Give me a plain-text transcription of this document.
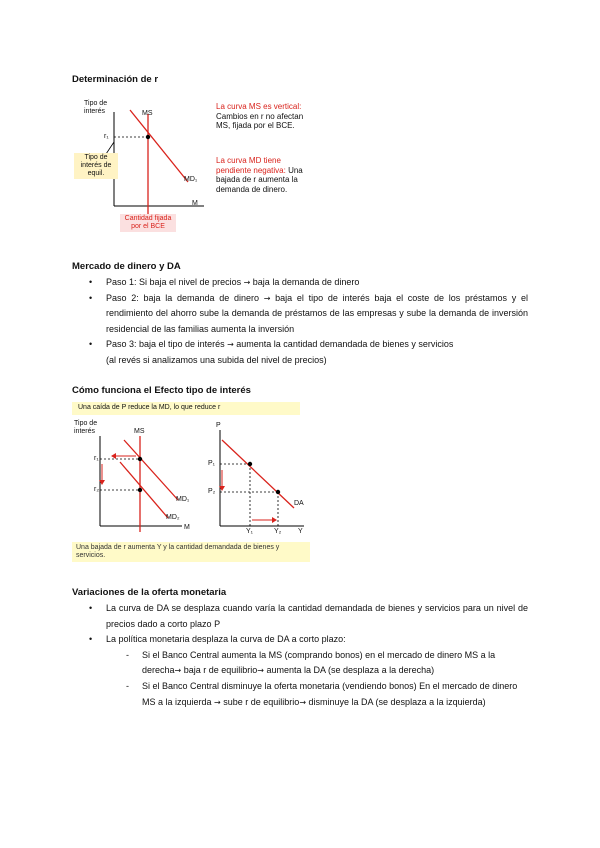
Determinación de r
Tipo de interés	MS
r₁
Tipo de interés de equil.
MD₁
M
Cantidad fijada por el BCE
La curva MS es vertical: Cambios en r no afectan MS, fijada por el BCE.
La curva MD tiene pendiente negativa: Una bajada de r aumenta la demanda de dinero.
Mercado de dinero y DA
• Paso 1: Si baja el nivel de precios → baja la demanda de dinero
• Paso 2: baja la demanda de dinero → baja el tipo de interés baja el coste de los préstamos y el rendimiento del ahorro sube la demanda de préstamos de las empresas y sube la demanda de inversión residencial de las familias aumenta la inversión
• Paso 3: baja el tipo de interés → aumenta la cantidad demandada de bienes y servicios
(al revés si analizamos una subida del nivel de precios)
Cómo funciona el Efecto tipo de interés
Una caída de P reduce la MD, lo que reduce r
Tipo de interés	MS
r₁
r₂
MD₁
MD₂
M
P
P₁
P₂
DA
Y₁	Y₂ Y
Una bajada de r aumenta Y y la cantidad demandada de bienes y servicios.
Variaciones de la oferta monetaria
• La curva de DA se desplaza cuando varía la cantidad demandada de bienes y servicios para un nivel de precios dado a corto plazo P
• La política monetaria desplaza la curva de DA a corto plazo:
- Si el Banco Central aumenta la MS (comprando bonos) en el mercado de dinero MS a la derecha→ baja r de equilibrio→ aumenta la DA (se desplaza a la derecha)
- Si el Banco Central disminuye la oferta monetaria (vendiendo bonos) En el mercado de dinero MS a la izquierda → sube r de equilibrio→ disminuye la DA (se desplaza a la izquierda)
